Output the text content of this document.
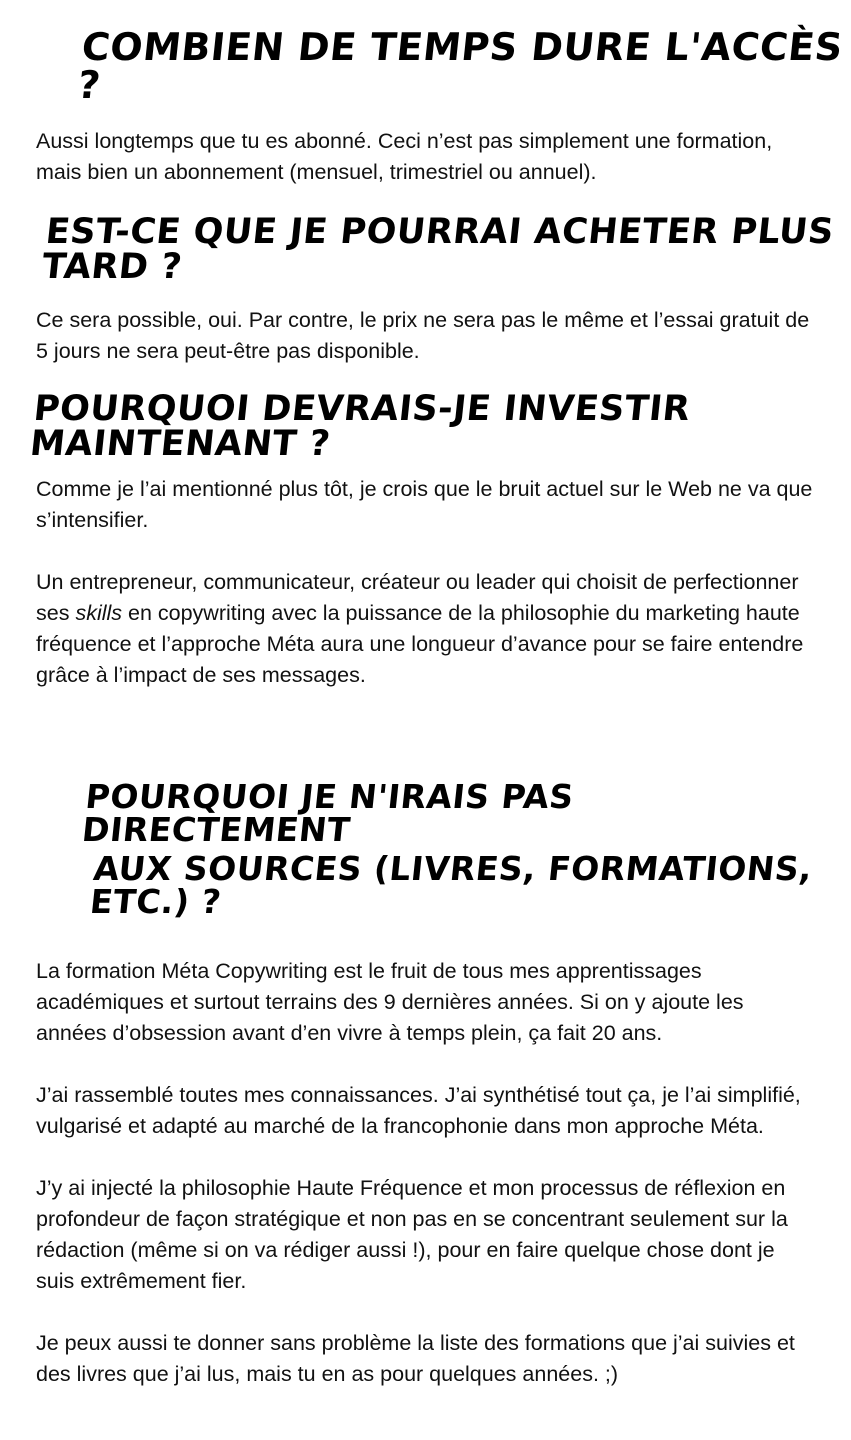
COMBIEN DE TEMPS DURE L'ACCÈS ?

Aussi longtemps que tu es abonné. Ceci n’est pas simplement une formation, mais bien un abonnement (mensuel, trimestriel ou annuel).

EST-CE QUE JE POURRAI ACHETER PLUS TARD ?

Ce sera possible, oui. Par contre, le prix ne sera pas le même et l’essai gratuit de 5 jours ne sera peut-être pas disponible.

POURQUOI DEVRAIS-JE INVESTIR MAINTENANT ?

Comme je l’ai mentionné plus tôt, je crois que le bruit actuel sur le Web ne va que s’intensifier.

Un entrepreneur, communicateur, créateur ou leader qui choisit de perfectionner ses skills en copywriting avec la puissance de la philosophie du marketing haute fréquence et l’approche Méta aura une longueur d’avance pour se faire entendre grâce à l’impact de ses messages.

POURQUOI JE N'IRAIS PAS DIRECTEMENT
AUX SOURCES (LIVRES, FORMATIONS, ETC.) ?

La formation Méta Copywriting est le fruit de tous mes apprentissages académiques et surtout terrains des 9 dernières années. Si on y ajoute les années d’obsession avant d’en vivre à temps plein, ça fait 20 ans.

J’ai rassemblé toutes mes connaissances. J’ai synthétisé tout ça, je l’ai simplifié, vulgarisé et adapté au marché de la francophonie dans mon approche Méta.

J’y ai injecté la philosophie Haute Fréquence et mon processus de réflexion en profondeur de façon stratégique et non pas en se concentrant seulement sur la rédaction (même si on va rédiger aussi !), pour en faire quelque chose dont je suis extrêmement fier.

Je peux aussi te donner sans problème la liste des formations que j’ai suivies et des livres que j’ai lus, mais tu en as pour quelques années. ;)
